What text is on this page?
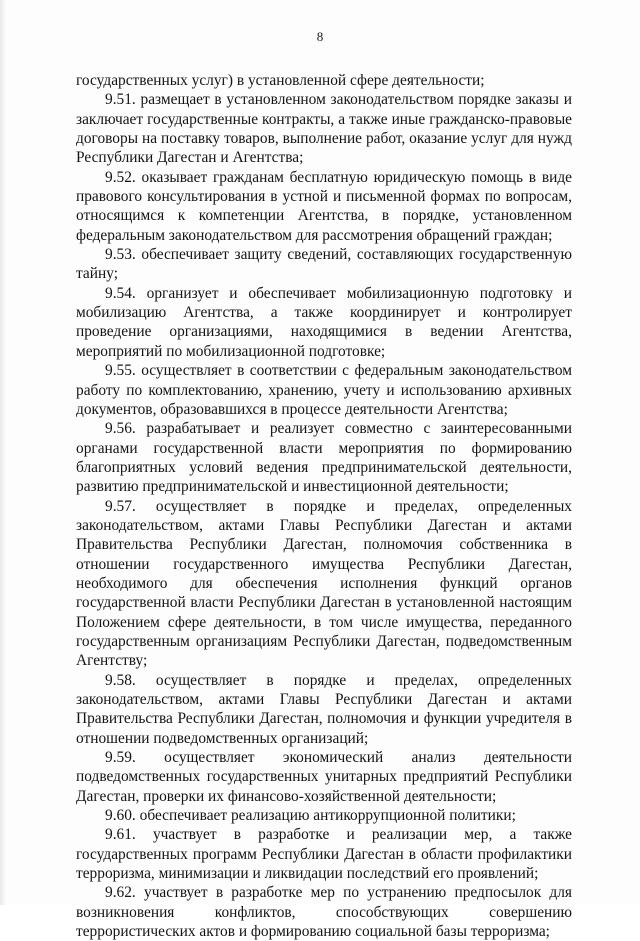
8

государственных услуг) в установленной сфере деятельности;

9.51. размещает в установленном законодательством порядке заказы и заключает государственные контракты, а также иные гражданско-правовые договоры на поставку товаров, выполнение работ, оказание услуг для нужд Республики Дагестан и Агентства;

9.52. оказывает гражданам бесплатную юридическую помощь в виде правового консультирования в устной и письменной формах по вопросам, относящимся к компетенции Агентства, в порядке, установленном федеральным законодательством для рассмотрения обращений граждан;

9.53. обеспечивает защиту сведений, составляющих государственную тайну;

9.54. организует и обеспечивает мобилизационную подготовку и мобилизацию Агентства, а также координирует и контролирует проведение организациями, находящимися в ведении Агентства, мероприятий по мобилизационной подготовке;

9.55. осуществляет в соответствии с федеральным законодательством работу по комплектованию, хранению, учету и использованию архивных документов, образовавшихся в процессе деятельности Агентства;

9.56. разрабатывает и реализует совместно с заинтересованными органами государственной власти мероприятия по формированию благоприятных условий ведения предпринимательской деятельности, развитию предпринимательской и инвестиционной деятельности;

9.57. осуществляет в порядке и пределах, определенных законодательством, актами Главы Республики Дагестан и актами Правительства Республики Дагестан, полномочия собственника в отношении государственного имущества Республики Дагестан, необходимого для обеспечения исполнения функций органов государственной власти Республики Дагестан в установленной настоящим Положением сфере деятельности, в том числе имущества, переданного государственным организациям Республики Дагестан, подведомственным Агентству;

9.58. осуществляет в порядке и пределах, определенных законодательством, актами Главы Республики Дагестан и актами Правительства Республики Дагестан, полномочия и функции учредителя в отношении подведомственных организаций;

9.59. осуществляет экономический анализ деятельности подведомственных государственных унитарных предприятий Республики Дагестан, проверки их финансово-хозяйственной деятельности;

9.60. обеспечивает реализацию антикоррупционной политики;

9.61. участвует в разработке и реализации мер, а также государственных программ Республики Дагестан в области профилактики терроризма, минимизации и ликвидации последствий его проявлений;

9.62. участвует в разработке мер по устранению предпосылок для возникновения конфликтов, способствующих совершению террористических актов и формированию социальной базы терроризма;
